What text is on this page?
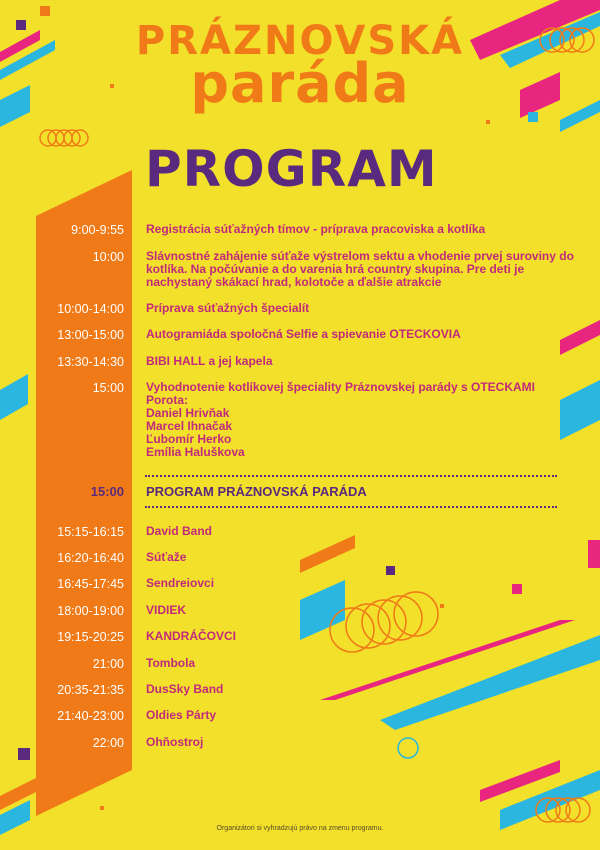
PRÁZNOVSKÁ
paráda
PROGRAM
9:00-9:55 Registrácia súťažných tímov - príprava pracoviska a kotlíka
10:00 Slávnostné zahájenie súťaže výstrelom sektu a vhodenie prvej suroviny do kotlíka. Na počúvanie a do varenia hrá country skupina. Pre deti je nachystaný skákací hrad, kolotoče a ďalšie atrakcie
10:00-14:00 Príprava súťažných špecialít
13:00-15:00 Autogramiáda spoločná Selfie a spievanie OTECKOVIA
13:30-14:30 BIBI HALL a jej kapela
15:00 Vyhodnotenie kotlíkovej špeciality Práznovskej parády s OTECKAMI
Porota:
Daniel Hrivňak
Marcel Ihnačak
Ľubomír Herko
Emília Haluškova
15:00 PROGRAM PRÁZNOVSKÁ PARÁDA
15:15-16:15 David Band
16:20-16:40 Súťaže
16:45-17:45 Sendreiovci
18:00-19:00 VIDIEK
19:15-20:25 KANDRÁČOVCI
21:00 Tombola
20:35-21:35 DusSky Band
21:40-23:00 Oldies Párty
22:00 Ohňostroj
Organizátori si vyhradzujú právo na zmenu programu.
